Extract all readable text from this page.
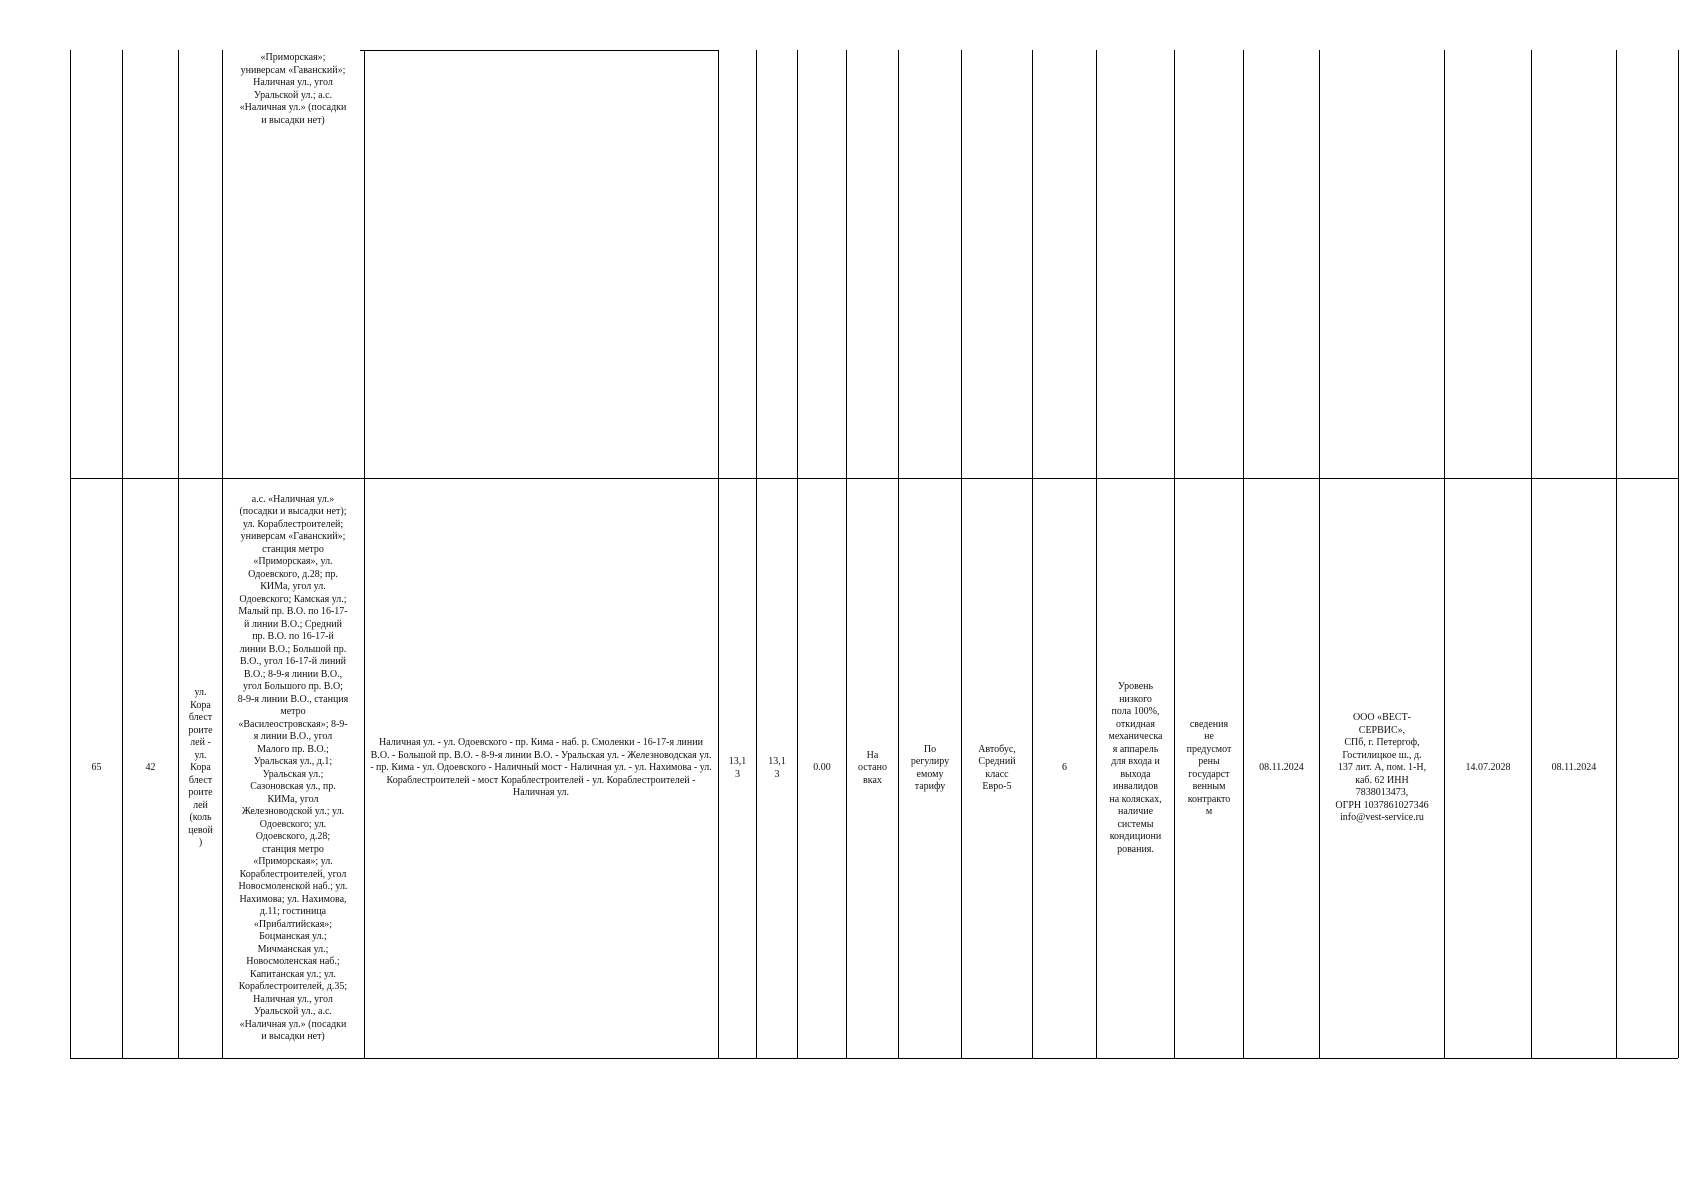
«Приморская»;
универсам «Гаванский»;
Наличная ул., угол
Уральской ул.; а.с.
«Наличная ул.» (посадки
и высадки нет)
65	42
ул.
Кора
блест
роите
лей -
ул.
Кора
блест
роите
лей
(коль
цевой
)
а.с. «Наличная ул.»
(посадки и высадки нет);
ул. Кораблестроителей;
универсам «Гаванский»;
станция метро
«Приморская», ул.
Одоевского, д.28; пр.
КИМа, угол ул.
Одоевского; Камская ул.;
Малый пр. В.О. по 16-17-
й линии В.О.; Средний
пр. В.О. по 16-17-й
линии В.О.; Большой пр.
В.О., угол 16-17-й линий
В.О.; 8-9-я линии В.О.,
угол Большого пр. В.О;
8-9-я линии В.О., станция
метро
«Василеостровская»; 8-9-
я линии В.О., угол
Малого пр. В.О.;
Уральская ул., д.1;
Уральская ул.;
Сазоновская ул., пр.
КИМа, угол
Железноводской ул.; ул.
Одоевского; ул.
Одоевского, д.28;
станция метро
«Приморская»; ул.
Кораблестроителей, угол
Новосмоленской наб.; ул.
Нахимова; ул. Нахимова,
д.11; гостиница
«Прибалтийская»;
Боцманская ул.;
Мичманская ул.;
Новосмоленская наб.;
Капитанская ул.; ул.
Кораблестроителей, д.35;
Наличная ул., угол
Уральской ул., а.с.
«Наличная ул.» (посадки
и высадки нет)
Наличная ул. - ул. Одоевского - пр. Кима - наб. р. Смоленки - 16-17-я линии В.О. - Большой пр. В.О. - 8-9-я линии В.О. - Уральская ул. - Железноводская ул. - пр. Кима - ул. Одоевского - Наличный мост - Наличная ул. - ул. Нахимова - ул. Кораблестроителей - мост Кораблестроителей - ул. Кораблестроителей - Наличная ул.
13,1
3
13,1
3
0.00
На
остано
вках
По
регулиру
емому
тарифу
Автобус,
Средний
класс
Евро-5
6
Уровень
низкого
пола 100%,
откидная
механическа
я аппарель
для входа и
выхода
инвалидов
на колясках,
наличие
системы
кондициони
рования.
сведения
не
предусмот
рены
государст
венным
контракто
м
08.11.2024
ООО «ВЕСТ-
СЕРВИС»,
СПб, г. Петергоф,
Гостилицкое ш., д.
137 лит. А, пом. 1-Н,
каб. 62 ИНН
7838013473,
ОГРН 1037861027346
info@vest-service.ru
14.07.2028	08.11.2024
